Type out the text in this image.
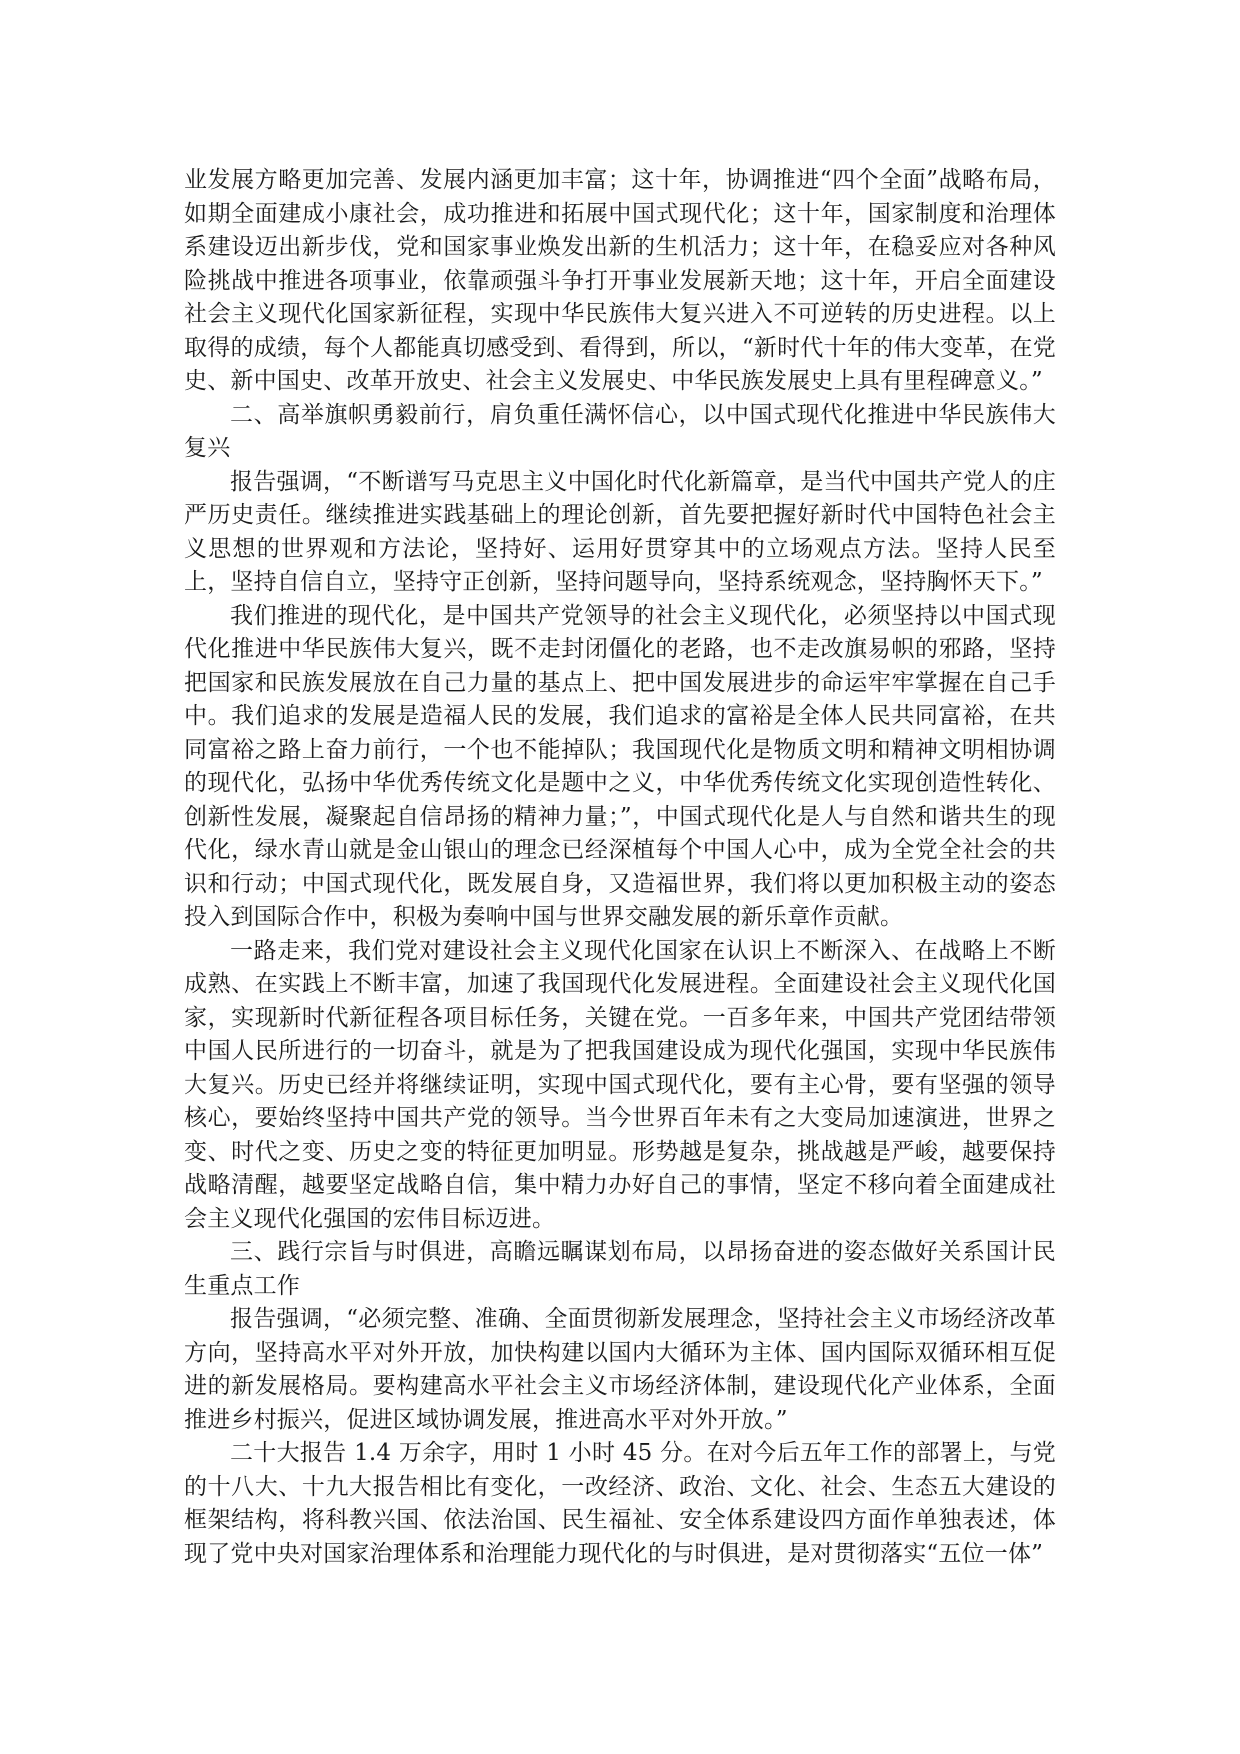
业发展方略更加完善、发展内涵更加丰富；这十年，协调推进“四个全面”战略布局，如期全面建成小康社会，成功推进和拓展中国式现代化；这十年，国家制度和治理体系建设迈出新步伐，党和国家事业焕发出新的生机活力；这十年，在稳妥应对各种风险挑战中推进各项事业，依靠顽强斗争打开事业发展新天地；这十年，开启全面建设社会主义现代化国家新征程，实现中华民族伟大复兴进入不可逆转的历史进程。以上取得的成绩，每个人都能真切感受到、看得到，所以，“新时代十年的伟大变革，在党史、新中国史、改革开放史、社会主义发展史、中华民族发展史上具有里程碑意义。”

二、高举旗帜勇毅前行，肩负重任满怀信心，以中国式现代化推进中华民族伟大复兴

报告强调，“不断谱写马克思主义中国化时代化新篇章，是当代中国共产党人的庄严历史责任。继续推进实践基础上的理论创新，首先要把握好新时代中国特色社会主义思想的世界观和方法论，坚持好、运用好贯穿其中的立场观点方法。坚持人民至上，坚持自信自立，坚持守正创新，坚持问题导向，坚持系统观念，坚持胸怀天下。”

我们推进的现代化，是中国共产党领导的社会主义现代化，必须坚持以中国式现代化推进中华民族伟大复兴，既不走封闭僵化的老路，也不走改旗易帜的邪路，坚持把国家和民族发展放在自己力量的基点上、把中国发展进步的命运牢牢掌握在自己手中。我们追求的发展是造福人民的发展，我们追求的富裕是全体人民共同富裕，在共同富裕之路上奋力前行，一个也不能掉队；我国现代化是物质文明和精神文明相协调的现代化，弘扬中华优秀传统文化是题中之义，中华优秀传统文化实现创造性转化、创新性发展，凝聚起自信昂扬的精神力量；”，中国式现代化是人与自然和谐共生的现代化，绿水青山就是金山银山的理念已经深植每个中国人心中，成为全党全社会的共识和行动；中国式现代化，既发展自身，又造福世界，我们将以更加积极主动的姿态投入到国际合作中，积极为奏响中国与世界交融发展的新乐章作贡献。

一路走来，我们党对建设社会主义现代化国家在认识上不断深入、在战略上不断成熟、在实践上不断丰富，加速了我国现代化发展进程。全面建设社会主义现代化国家，实现新时代新征程各项目标任务，关键在党。一百多年来，中国共产党团结带领中国人民所进行的一切奋斗，就是为了把我国建设成为现代化强国，实现中华民族伟大复兴。历史已经并将继续证明，实现中国式现代化，要有主心骨，要有坚强的领导核心，要始终坚持中国共产党的领导。当今世界百年未有之大变局加速演进，世界之变、时代之变、历史之变的特征更加明显。形势越是复杂，挑战越是严峻，越要保持战略清醒，越要坚定战略自信，集中精力办好自己的事情，坚定不移向着全面建成社会主义现代化强国的宏伟目标迈进。

三、践行宗旨与时俱进，高瞻远瞩谋划布局，以昂扬奋进的姿态做好关系国计民生重点工作

报告强调，“必须完整、准确、全面贯彻新发展理念，坚持社会主义市场经济改革方向，坚持高水平对外开放，加快构建以国内大循环为主体、国内国际双循环相互促进的新发展格局。要构建高水平社会主义市场经济体制，建设现代化产业体系，全面推进乡村振兴，促进区域协调发展，推进高水平对外开放。”

二十大报告 1.4 万余字，用时 1 小时 45 分。在对今后五年工作的部署上，与党的十八大、十九大报告相比有变化，一改经济、政治、文化、社会、生态五大建设的框架结构，将科教兴国、依法治国、民生福祉、安全体系建设四方面作单独表述，体现了党中央对国家治理体系和治理能力现代化的与时俱进，是对贯彻落实“五位一体”
